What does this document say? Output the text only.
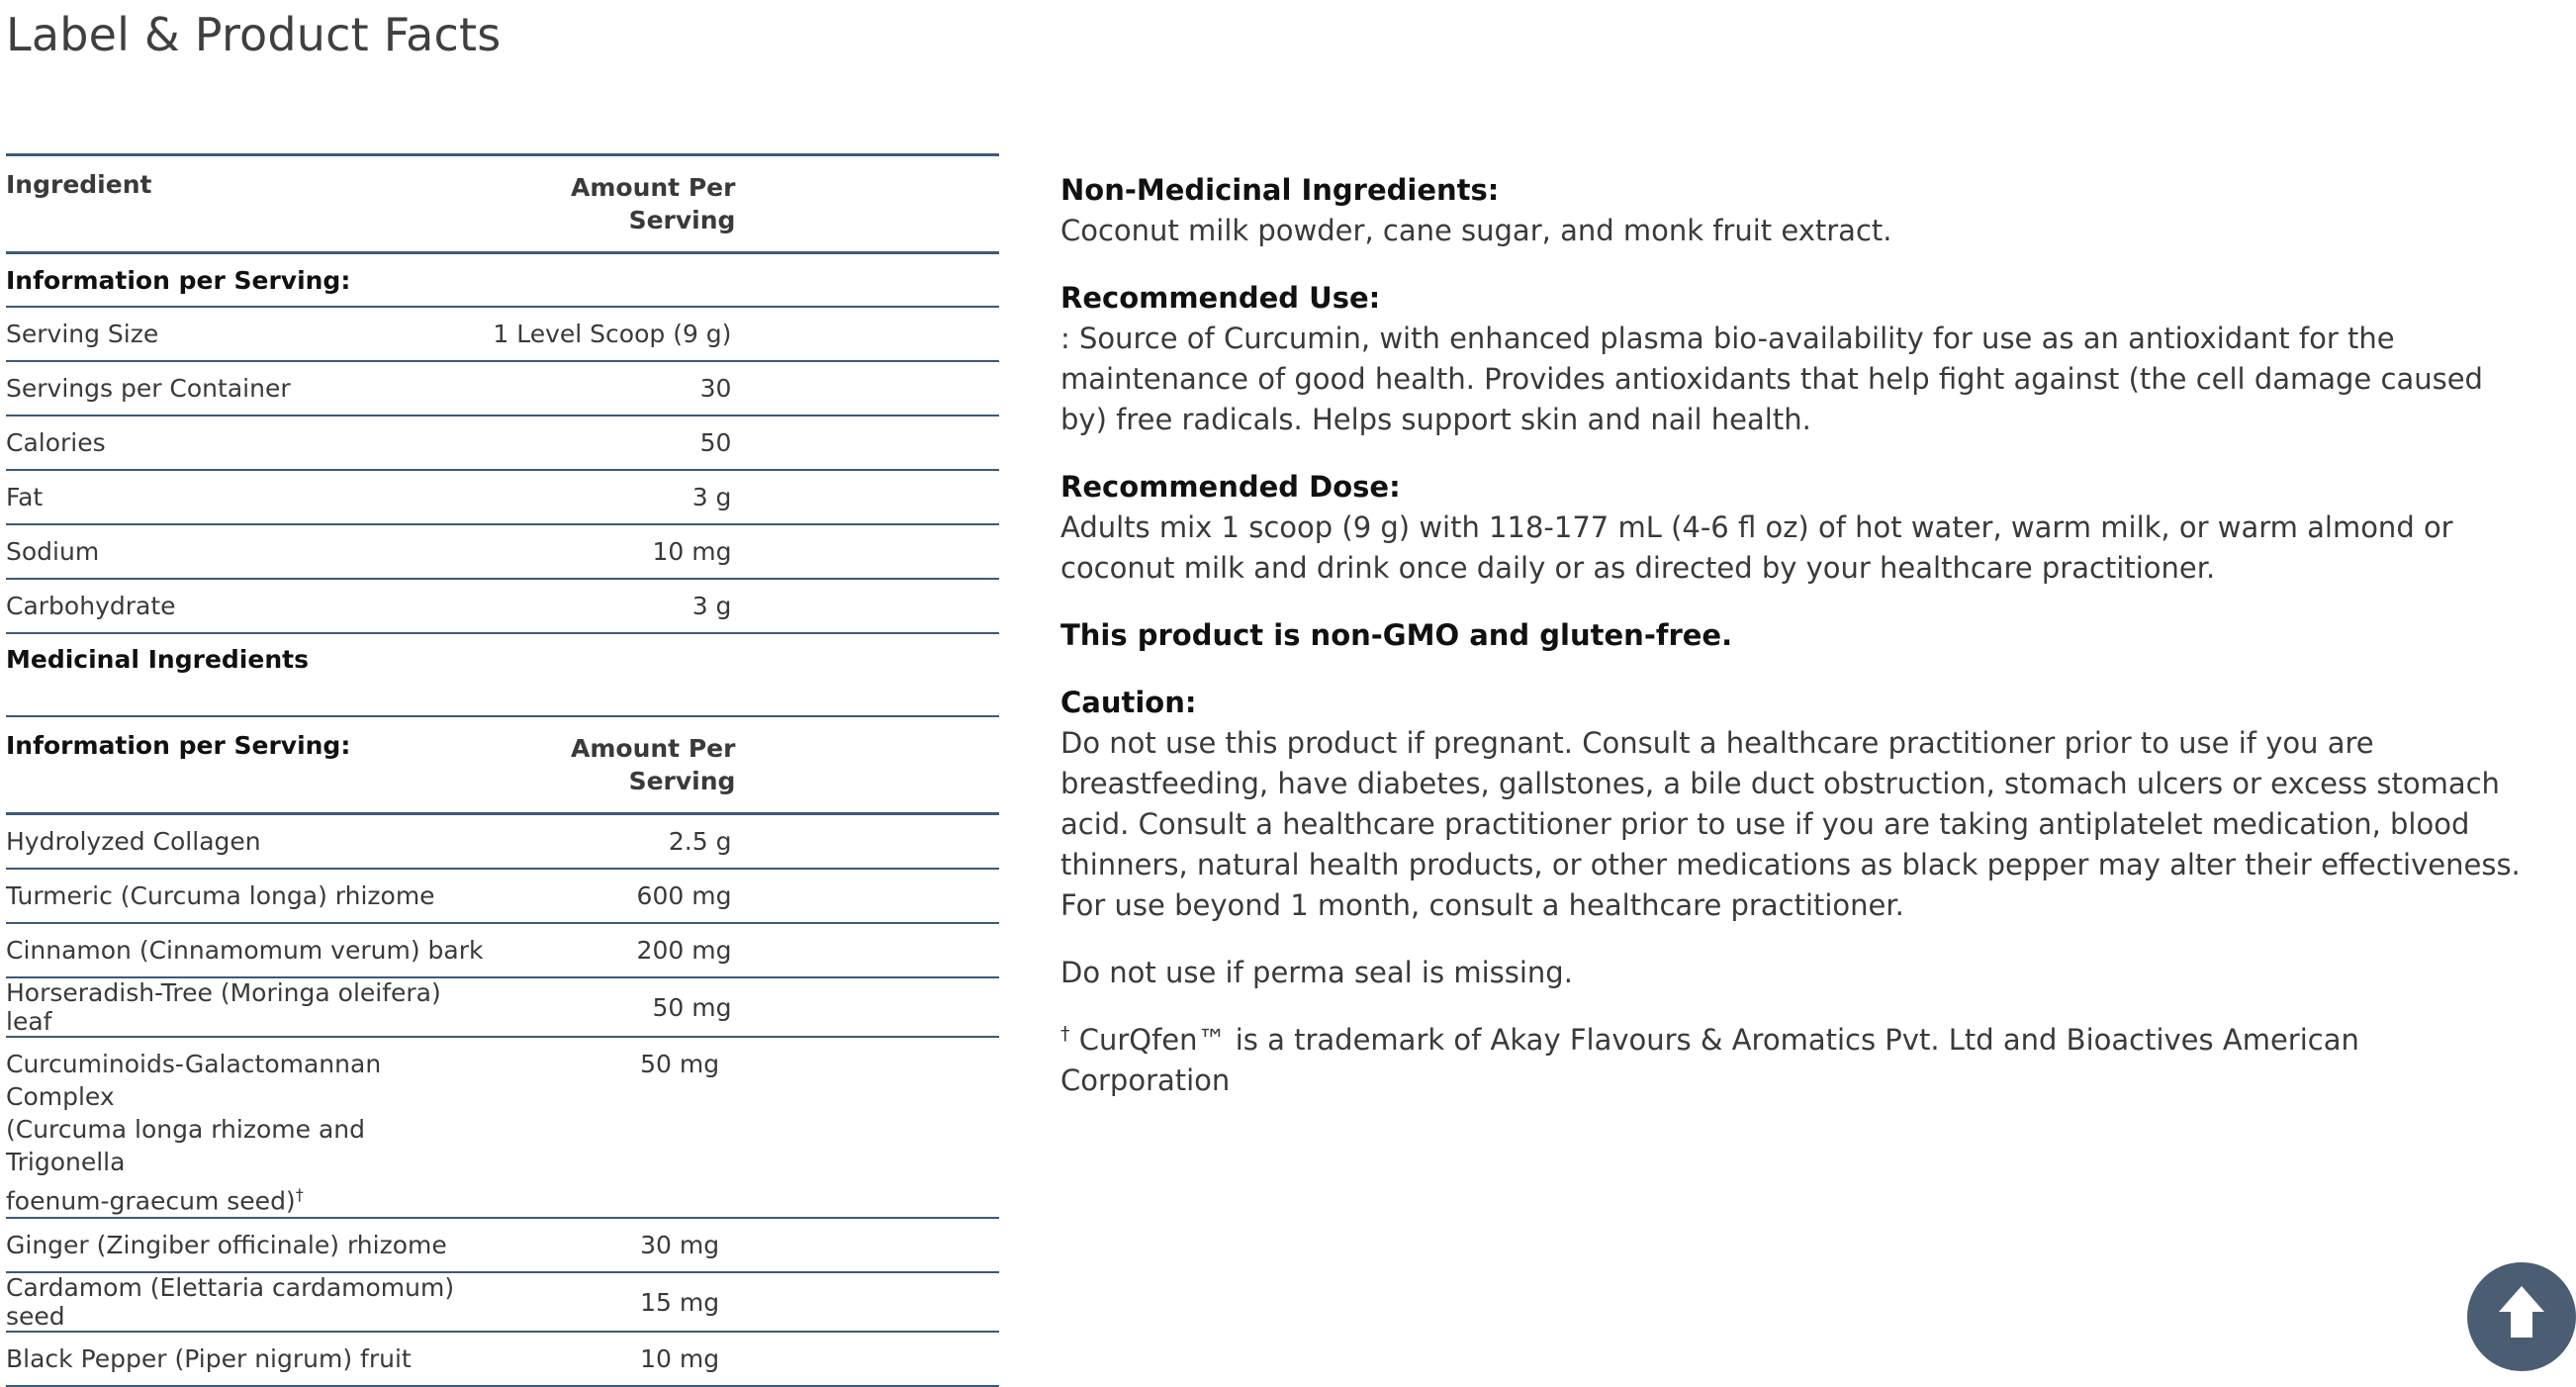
Label & Product Facts

Ingredient	Amount Per
Serving	
Information per Serving:		
Serving Size	1 Level Scoop (9 g)	
Servings per Container	30	
Calories	50	
Fat	3 g	
Sodium	10 mg	
Carbohydrate	3 g	
Medicinal Ingredients		

Information per Serving:	Amount Per
Serving	
Hydrolyzed Collagen	2.5 g	
Turmeric (Curcuma longa) rhizome	600 mg	
Cinnamon (Cinnamomum verum) bark	200 mg	
Horseradish-Tree (Moringa oleifera) leaf	50 mg	
Curcuminoids-Galactomannan Complex
(Curcuma longa rhizome and Trigonella
foenum-graecum seed)†	50 mg	
Ginger (Zingiber officinale) rhizome	30 mg	
Cardamom (Elettaria cardamomum) seed	15 mg	
Black Pepper (Piper nigrum) fruit	10 mg	
Non-Medicinal Ingredients:
Coconut milk powder, cane sugar, and monk fruit extract.
Recommended Use:
: Source of Curcumin, with enhanced plasma bio-availability for use as an antioxidant for the maintenance of good health. Provides antioxidants that help fight against (the cell damage caused by) free radicals. Helps support skin and nail health.
Recommended Dose:
Adults mix 1 scoop (9 g) with 118-177 mL (4-6 fl oz) of hot water, warm milk, or warm almond or coconut milk and drink once daily or as directed by your healthcare practitioner.
This product is non-GMO and gluten-free.
Caution:
Do not use this product if pregnant. Consult a healthcare practitioner prior to use if you are breastfeeding, have diabetes, gallstones, a bile duct obstruction, stomach ulcers or excess stomach acid. Consult a healthcare practitioner prior to use if you are taking antiplatelet medication, blood thinners, natural health products, or other medications as black pepper may alter their effectiveness. For use beyond 1 month, consult a healthcare practitioner.
Do not use if perma seal is missing.
† CurQfen™ is a trademark of Akay Flavours & Aromatics Pvt. Ltd and Bioactives American Corporation
